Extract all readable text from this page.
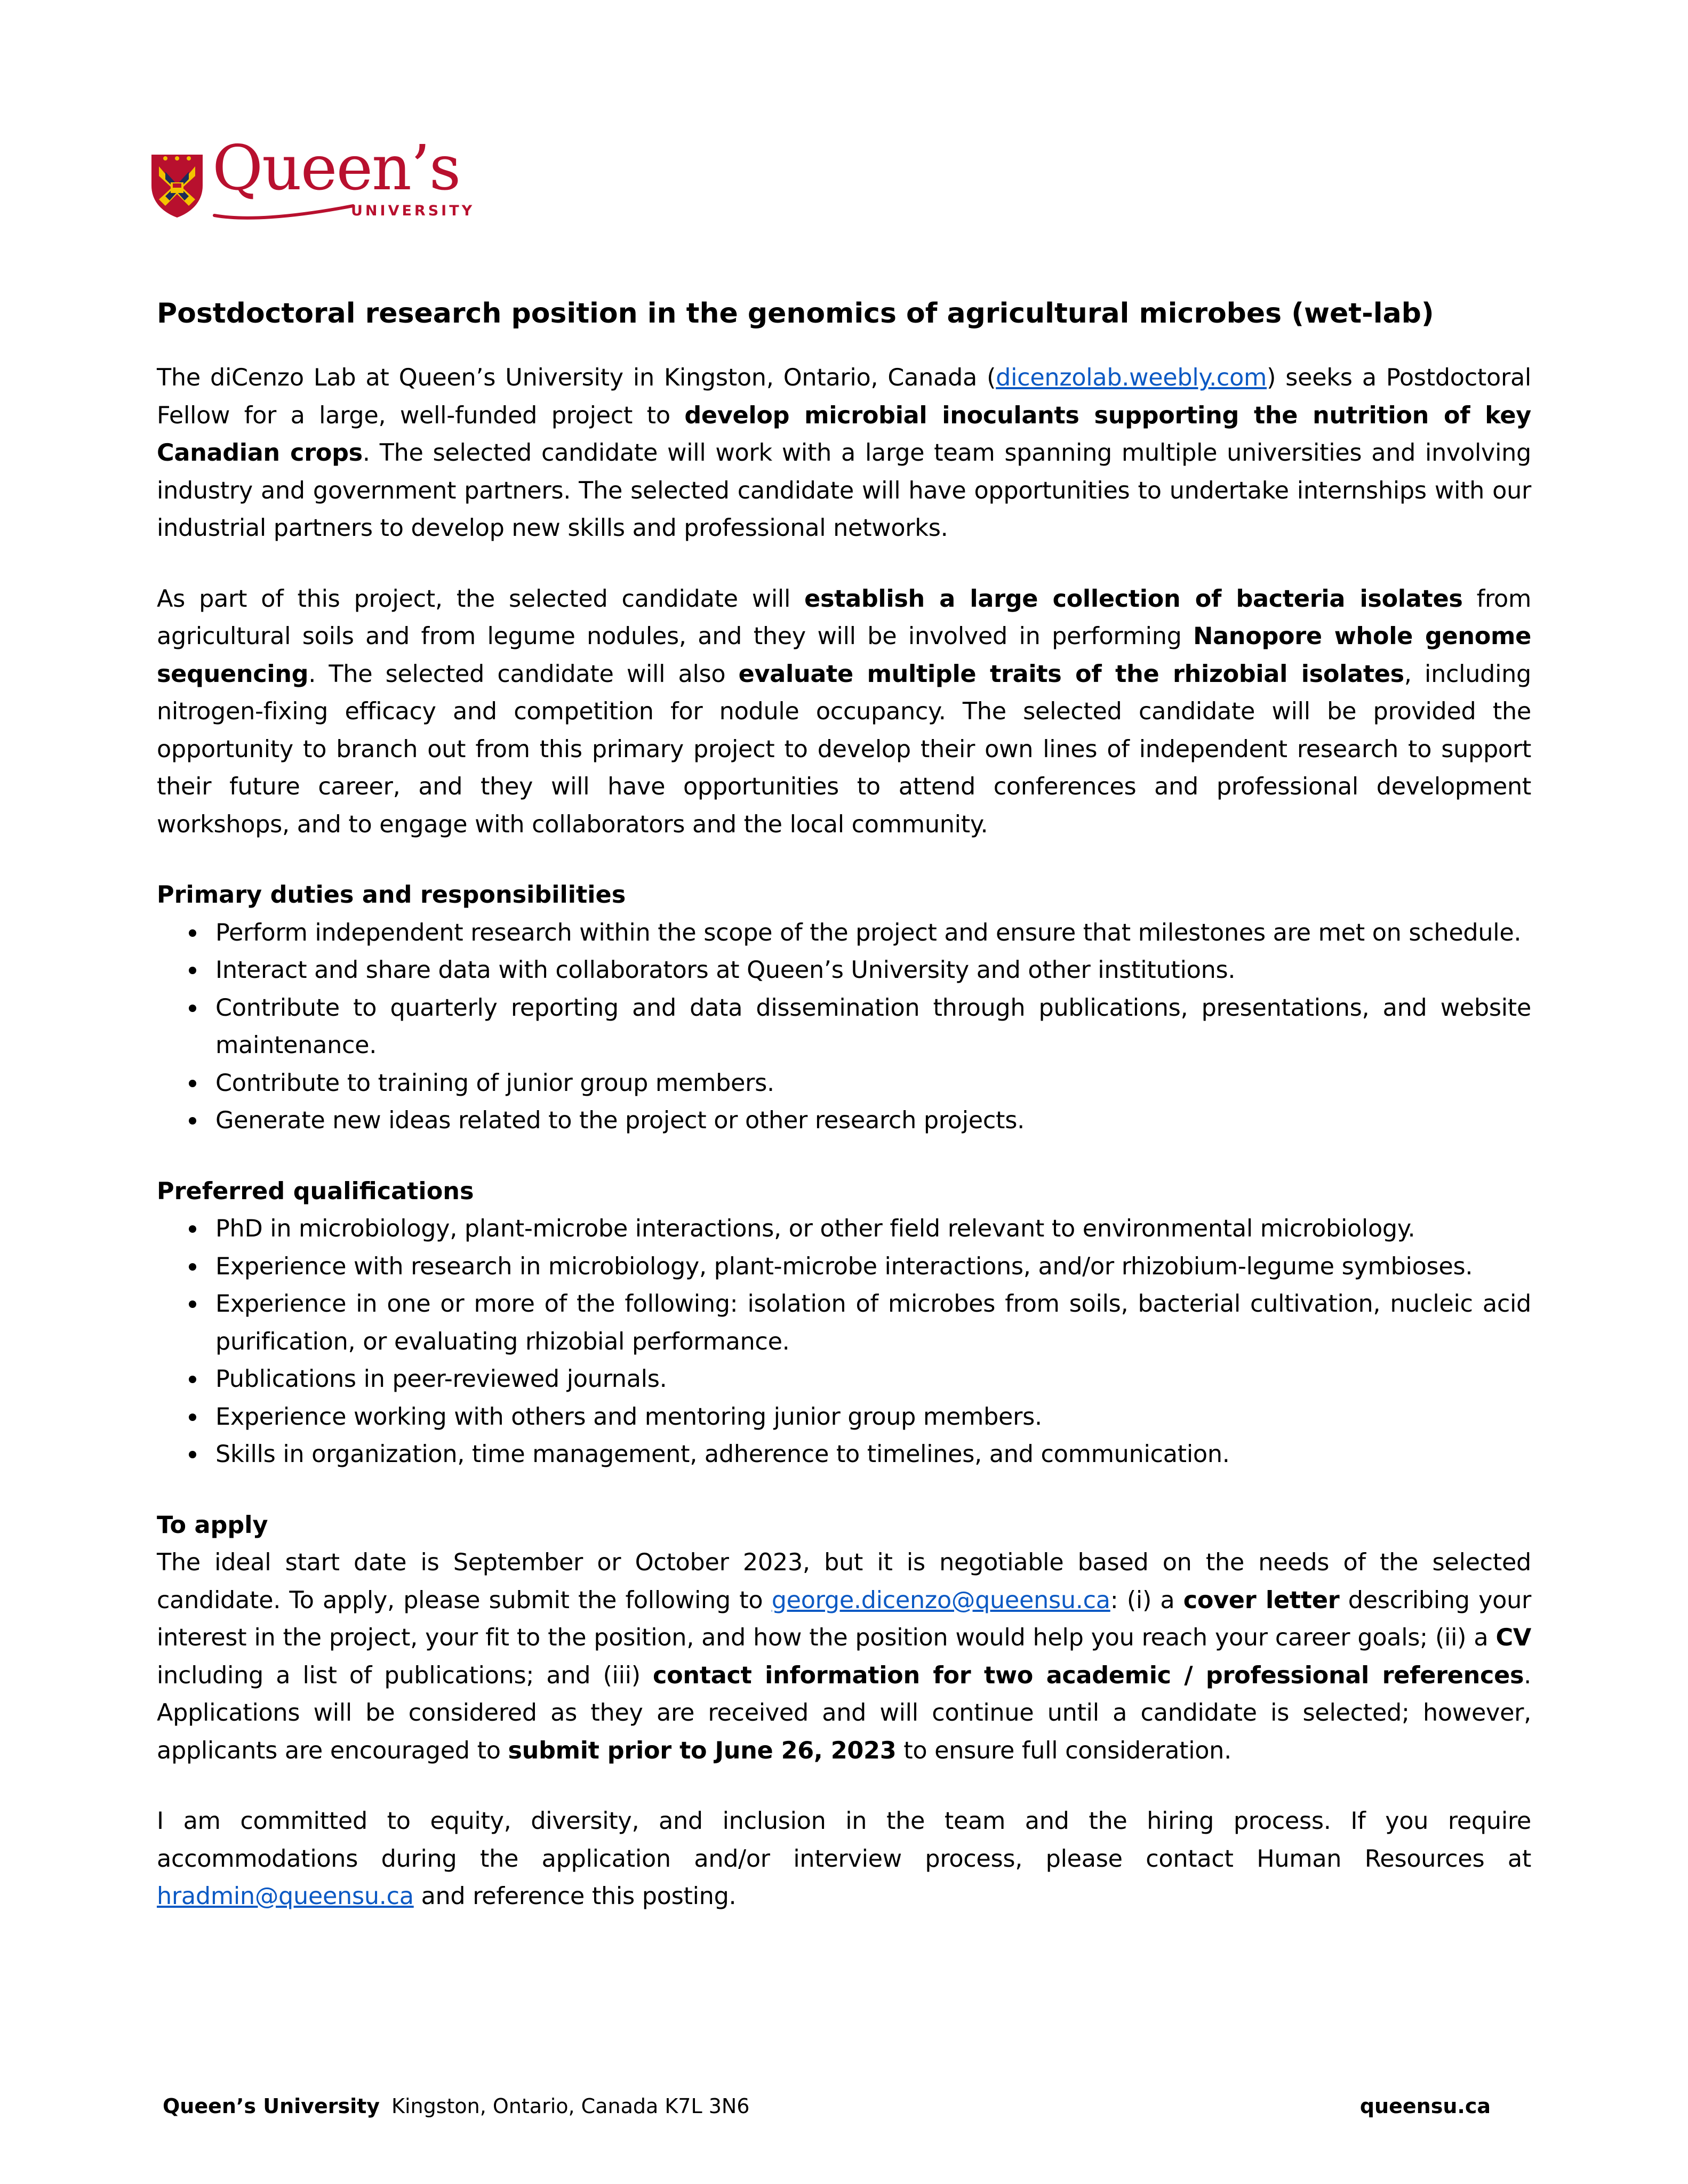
Queen’s
UNIVERSITY
Postdoctoral research position in the genomics of agricultural microbes (wet-lab)

The diCenzo Lab at Queen’s University in Kingston, Ontario, Canada (dicenzolab.weebly.com) seeks a Postdoctoral Fellow for a large, well-funded project to develop microbial inoculants supporting the nutrition of key Canadian crops. The selected candidate will work with a large team spanning multiple universities and involving industry and government partners. The selected candidate will have opportunities to undertake internships with our industrial partners to develop new skills and professional networks.

As part of this project, the selected candidate will establish a large collection of bacteria isolates from agricultural soils and from legume nodules, and they will be involved in performing Nanopore whole genome sequencing. The selected candidate will also evaluate multiple traits of the rhizobial isolates, including nitrogen-fixing efficacy and competition for nodule occupancy. The selected candidate will be provided the opportunity to branch out from this primary project to develop their own lines of independent research to support their future career, and they will have opportunities to attend conferences and professional development workshops, and to engage with collaborators and the local community.

Primary duties and responsibilities
Perform independent research within the scope of the project and ensure that milestones are met on schedule.
Interact and share data with collaborators at Queen’s University and other institutions.
Contribute to quarterly reporting and data dissemination through publications, presentations, and website maintenance.
Contribute to training of junior group members.
Generate new ideas related to the project or other research projects.
Preferred qualifications
PhD in microbiology, plant-microbe interactions, or other field relevant to environmental microbiology.
Experience with research in microbiology, plant-microbe interactions, and/or rhizobium-legume symbioses.
Experience in one or more of the following: isolation of microbes from soils, bacterial cultivation, nucleic acid purification, or evaluating rhizobial performance.
Publications in peer-reviewed journals.
Experience working with others and mentoring junior group members.
Skills in organization, time management, adherence to timelines, and communication.
To apply

The ideal start date is September or October 2023, but it is negotiable based on the needs of the selected candidate. To apply, please submit the following to george.dicenzo@queensu.ca: (i) a cover letter describing your interest in the project, your fit to the position, and how the position would help you reach your career goals; (ii) a CV including a list of publications; and (iii) contact information for two academic / professional references. Applications will be considered as they are received and will continue until a candidate is selected; however, applicants are encouraged to submit prior to June 26, 2023 to ensure full consideration.

I am committed to equity, diversity, and inclusion in the team and the hiring process. If you require accommodations during the application and/or interview process, please contact Human Resources at hradmin@queensu.ca and reference this posting.

Queen’s University Kingston, Ontario, Canada K7L 3N6	queensu.ca
